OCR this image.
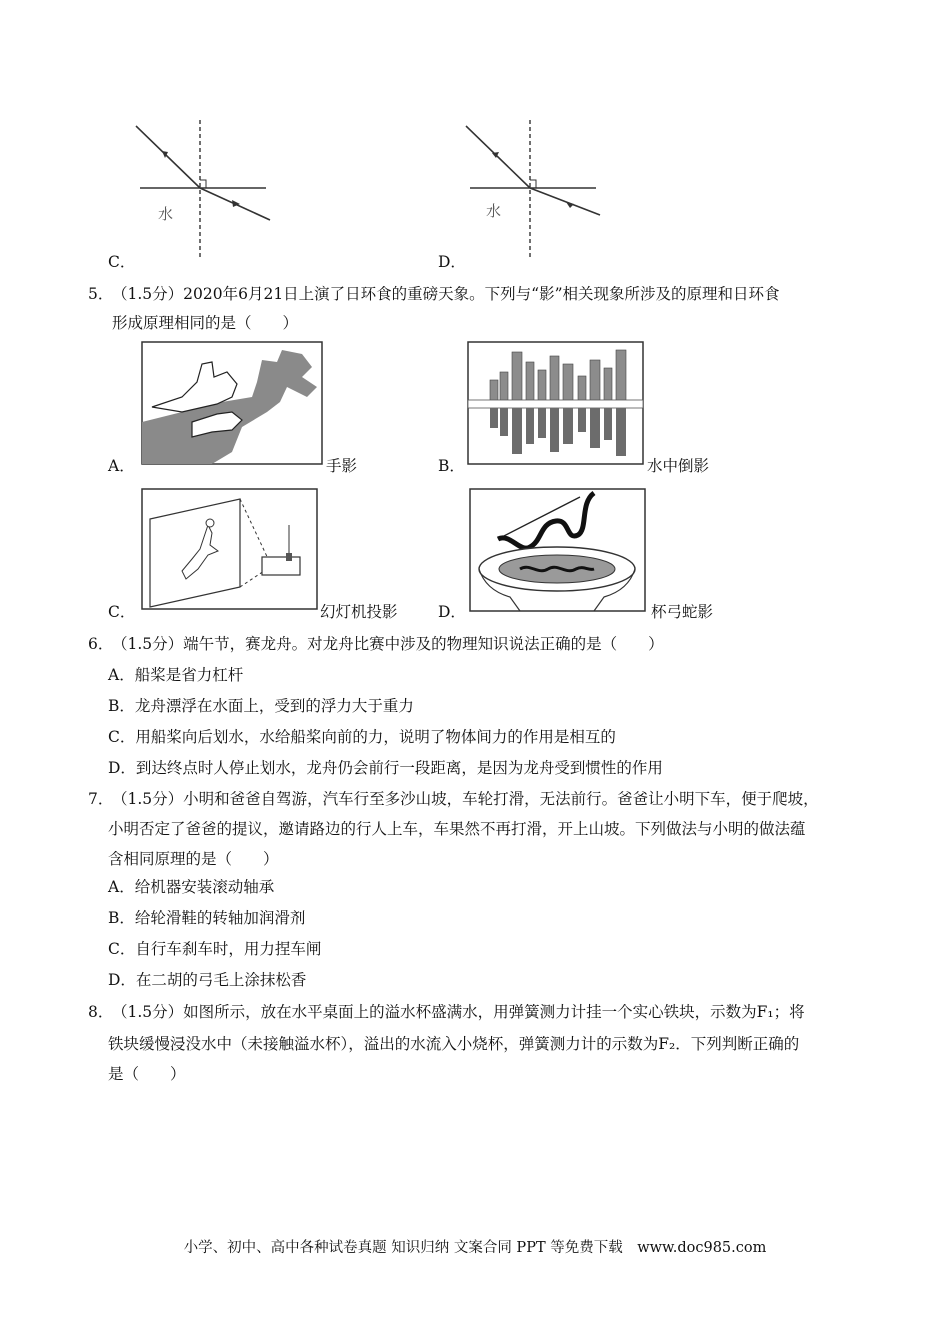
水
C．
水
D．
5．
（1.5分）2020年6月21日上演了日环食的重磅天象。下列与“影”相关现象所涉及的原理和日环食
形成原理相同的是（　　）
A．	手影	B．	水中倒影
C．	幻灯机投影	D．	杯弓蛇影
6．
（1.5分）端午节，赛龙舟。对龙舟比赛中涉及的物理知识说法正确的是（　　）
A．船桨是省力杠杆
B．龙舟漂浮在水面上，受到的浮力大于重力
C．用船桨向后划水，水给船桨向前的力，说明了物体间力的作用是相互的
D．到达终点时人停止划水，龙舟仍会前行一段距离，是因为龙舟受到惯性的作用
7．
（1.5分）小明和爸爸自驾游，汽车行至多沙山坡，车轮打滑，无法前行。爸爸让小明下车，便于爬坡，
小明否定了爸爸的提议，邀请路边的行人上车，车果然不再打滑，开上山坡。下列做法与小明的做法蕴
含相同原理的是（　　）
A．给机器安装滚动轴承
B．给轮滑鞋的转轴加润滑剂
C．自行车刹车时，用力捏车闸
D．在二胡的弓毛上涂抹松香
8．
（1.5分）如图所示，放在水平桌面上的溢水杯盛满水，用弹簧测力计挂一个实心铁块，示数为F₁；将
铁块缓慢浸没水中（未接触溢水杯），溢出的水流入小烧杯，弹簧测力计的示数为F₂．下列判断正确的
是（　　）
小学、初中、高中各种试卷真题 知识归纳 文案合同 PPT 等免费下载　www.doc985.com
